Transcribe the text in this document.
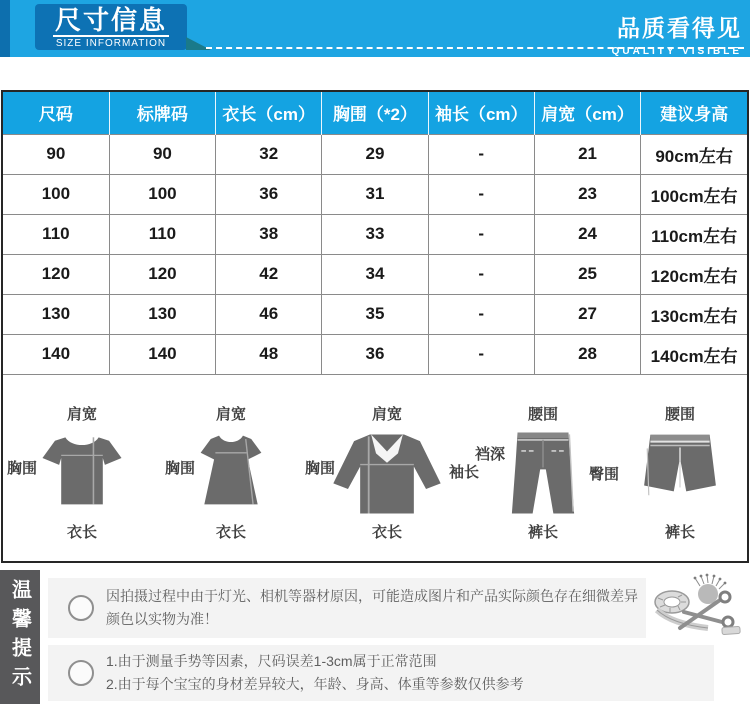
尺寸信息
SIZE INFORMATION
品质看得见
QUALITY VISIBLE
尺码	标牌码	衣长（cm）	胸围（*2）	袖长（cm）	肩宽（cm）	建议身高
90	90	32	29	-	21	90cm左右
100	100	36	31	-	23	100cm左右
110	110	38	33	-	24	110cm左右
120	120	42	34	-	25	120cm左右
130	130	46	35	-	27	130cm左右
140	140	48	36	-	28	140cm左右
肩宽
胸围
衣长
肩宽
胸围
衣长
肩宽
胸围	袖长
衣长
腰围
裆深
臀围
裤长
腰围
裤长
温馨提示	因拍摄过程中由于灯光、相机等器材原因，可能造成图片和产品实际颜色存在细微差异
颜色以实物为准！
1.由于测量手势等因素，尺码误差1-3cm属于正常范围
2.由于每个宝宝的身材差异较大，年龄、身高、体重等参数仅供参考
